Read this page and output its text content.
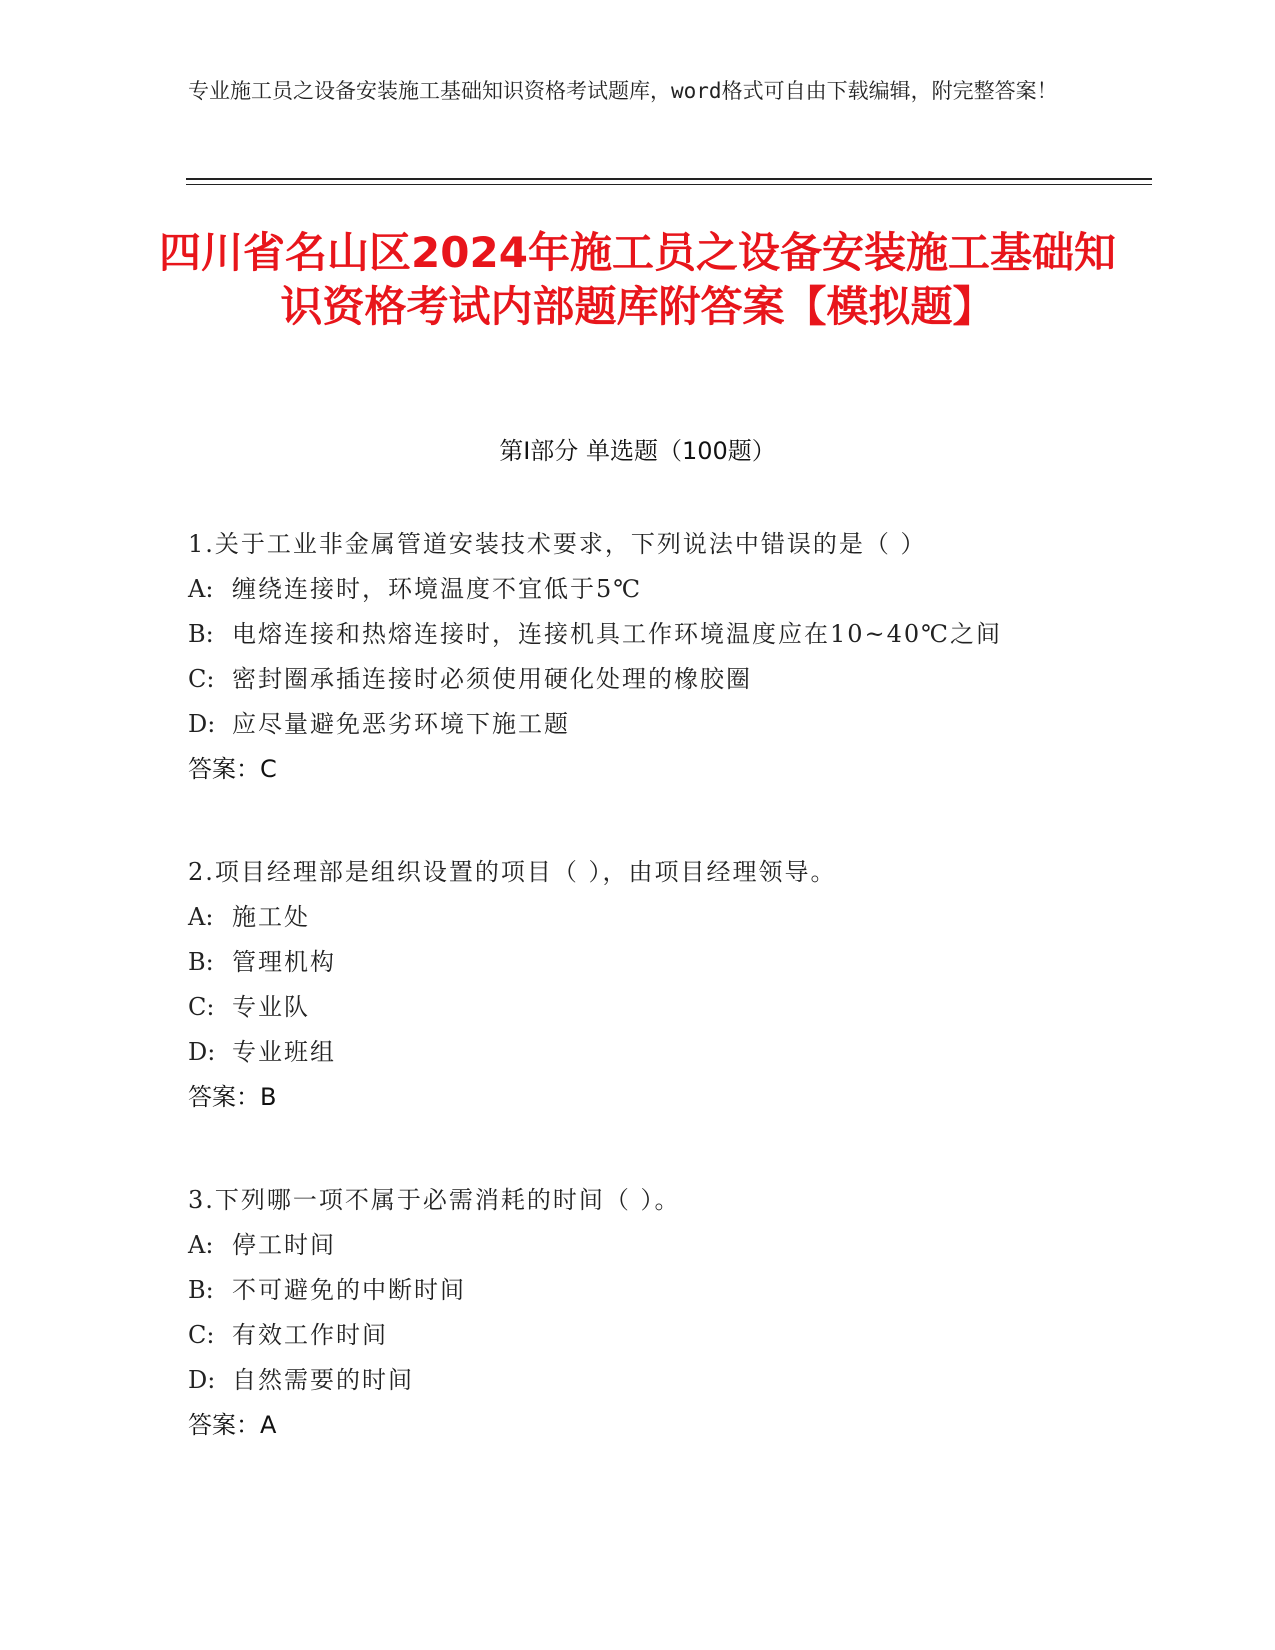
专业施工员之设备安装施工基础知识资格考试题库，word格式可自由下载编辑，附完整答案！
四川省名山区2024年施工员之设备安装施工基础知识资格考试内部题库附答案【模拟题】
第I部分 单选题（100题）
1.关于工业非金属管道安装技术要求，下列说法中错误的是（ ）
A: 缠绕连接时，环境温度不宜低于5℃
B: 电熔连接和热熔连接时，连接机具工作环境温度应在10~40℃之间
C: 密封圈承插连接时必须使用硬化处理的橡胶圈
D: 应尽量避免恶劣环境下施工题
答案：C
2.项目经理部是组织设置的项目（ ），由项目经理领导。
A: 施工处
B: 管理机构
C: 专业队
D: 专业班组
答案：B
3.下列哪一项不属于必需消耗的时间（ ）。
A: 停工时间
B: 不可避免的中断时间
C: 有效工作时间
D: 自然需要的时间
答案：A
